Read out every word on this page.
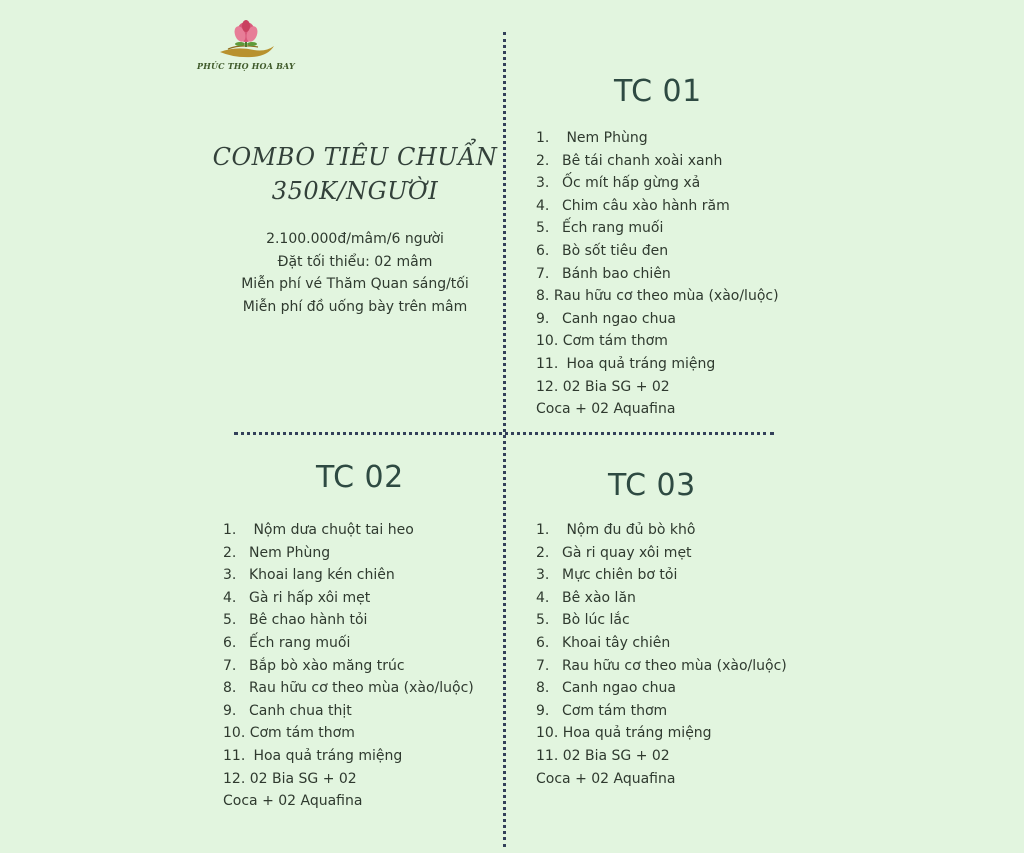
PHÚC THỌ HOA BAY
COMBO TIÊU CHUẨN
350K/NGƯỜI
2.100.000đ/mâm/6 người
Đặt tối thiểu: 02 mâm
Miễn phí vé Thăm Quan sáng/tối
Miễn phí đồ uống bày trên mâm
TC 01
1. Nem Phùng
2. Bê tái chanh xoài xanh
3. Ốc mít hấp gừng xả
4. Chim câu xào hành răm
5. Ếch rang muối
6. Bò sốt tiêu đen
7. Bánh bao chiên
8. Rau hữu cơ theo mùa (xào/luộc)
9. Canh ngao chua
10. Cơm tám thơm
11. Hoa quả tráng miệng
12. 02 Bia SG + 02
Coca + 02 Aquafina
TC 02
1. Nộm dưa chuột tai heo
2. Nem Phùng
3. Khoai lang kén chiên
4. Gà ri hấp xôi mẹt
5. Bê chao hành tỏi
6. Ếch rang muối
7. Bắp bò xào măng trúc
8. Rau hữu cơ theo mùa (xào/luộc)
9. Canh chua thịt
10. Cơm tám thơm
11. Hoa quả tráng miệng
12. 02 Bia SG + 02
Coca + 02 Aquafina
TC 03
1. Nộm đu đủ bò khô
2. Gà ri quay xôi mẹt
3. Mực chiên bơ tỏi
4. Bê xào lăn
5. Bò lúc lắc
6. Khoai tây chiên
7. Rau hữu cơ theo mùa (xào/luộc)
8. Canh ngao chua
9. Cơm tám thơm
10. Hoa quả tráng miệng
11. 02 Bia SG + 02
Coca + 02 Aquafina
